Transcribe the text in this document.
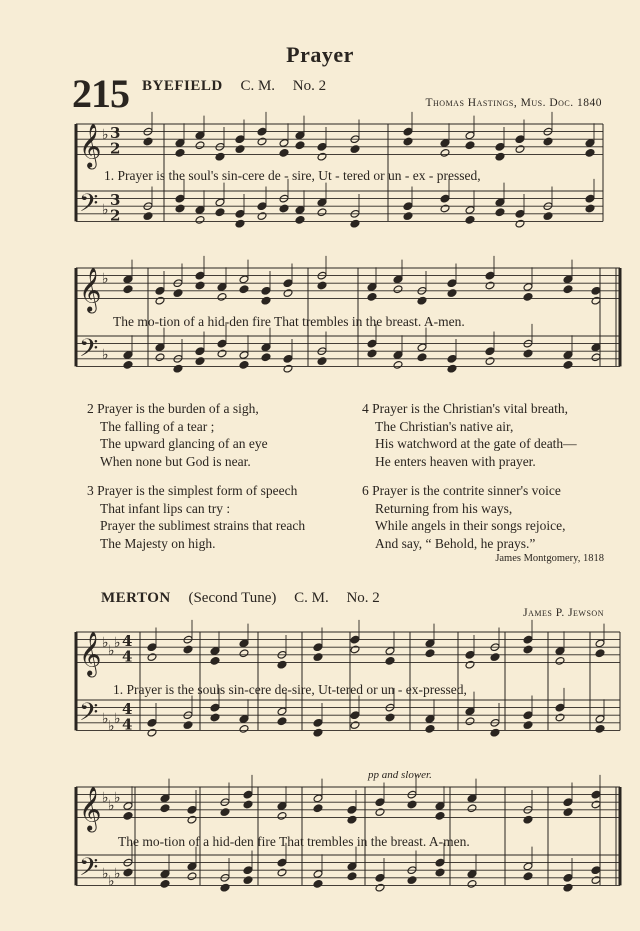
Prayer
215 BYEFIELD C. M. No. 2
Thomas Hastings, Mus. Doc. 1840
𝄞 ♭ 3
2
𝄢 ♭
3
2
𝄞 ♭
𝄢 ♭
𝄞 ♭ ♭ ♭ 4
4
𝄢 ♭ ♭ ♭
4
4
𝄞 ♭ ♭ ♭
𝄢 ♭ ♭ ♭
1. Prayer is the soul's sin-cere de - sire, Ut - tered or un - ex - pressed,
The mo-tion of a hid-den fire That trembles in the breast. A-men.
2 Prayer is the burden of a sigh,
The falling of a tear ;
The upward glancing of an eye
When none but God is near.
3 Prayer is the simplest form of speech
That infant lips can try :
Prayer the sublimest strains that reach
The Majesty on high.
4 Prayer is the Christian's vital breath,
The Christian's native air,
His watchword at the gate of death—
He enters heaven with prayer.
6 Prayer is the contrite sinner's voice
Returning from his ways,
While angels in their songs rejoice,
And say, “ Behold, he prays.”
James Montgomery, 1818
MERTON (Second Tune) C. M. No. 2
James P. Jewson
1. Prayer is the souls sin-cere de-sire, Ut-tered or un - ex-pressed,
pp and slower.
The mo-tion of a hid-den fire That trembles in the breast. A-men.
